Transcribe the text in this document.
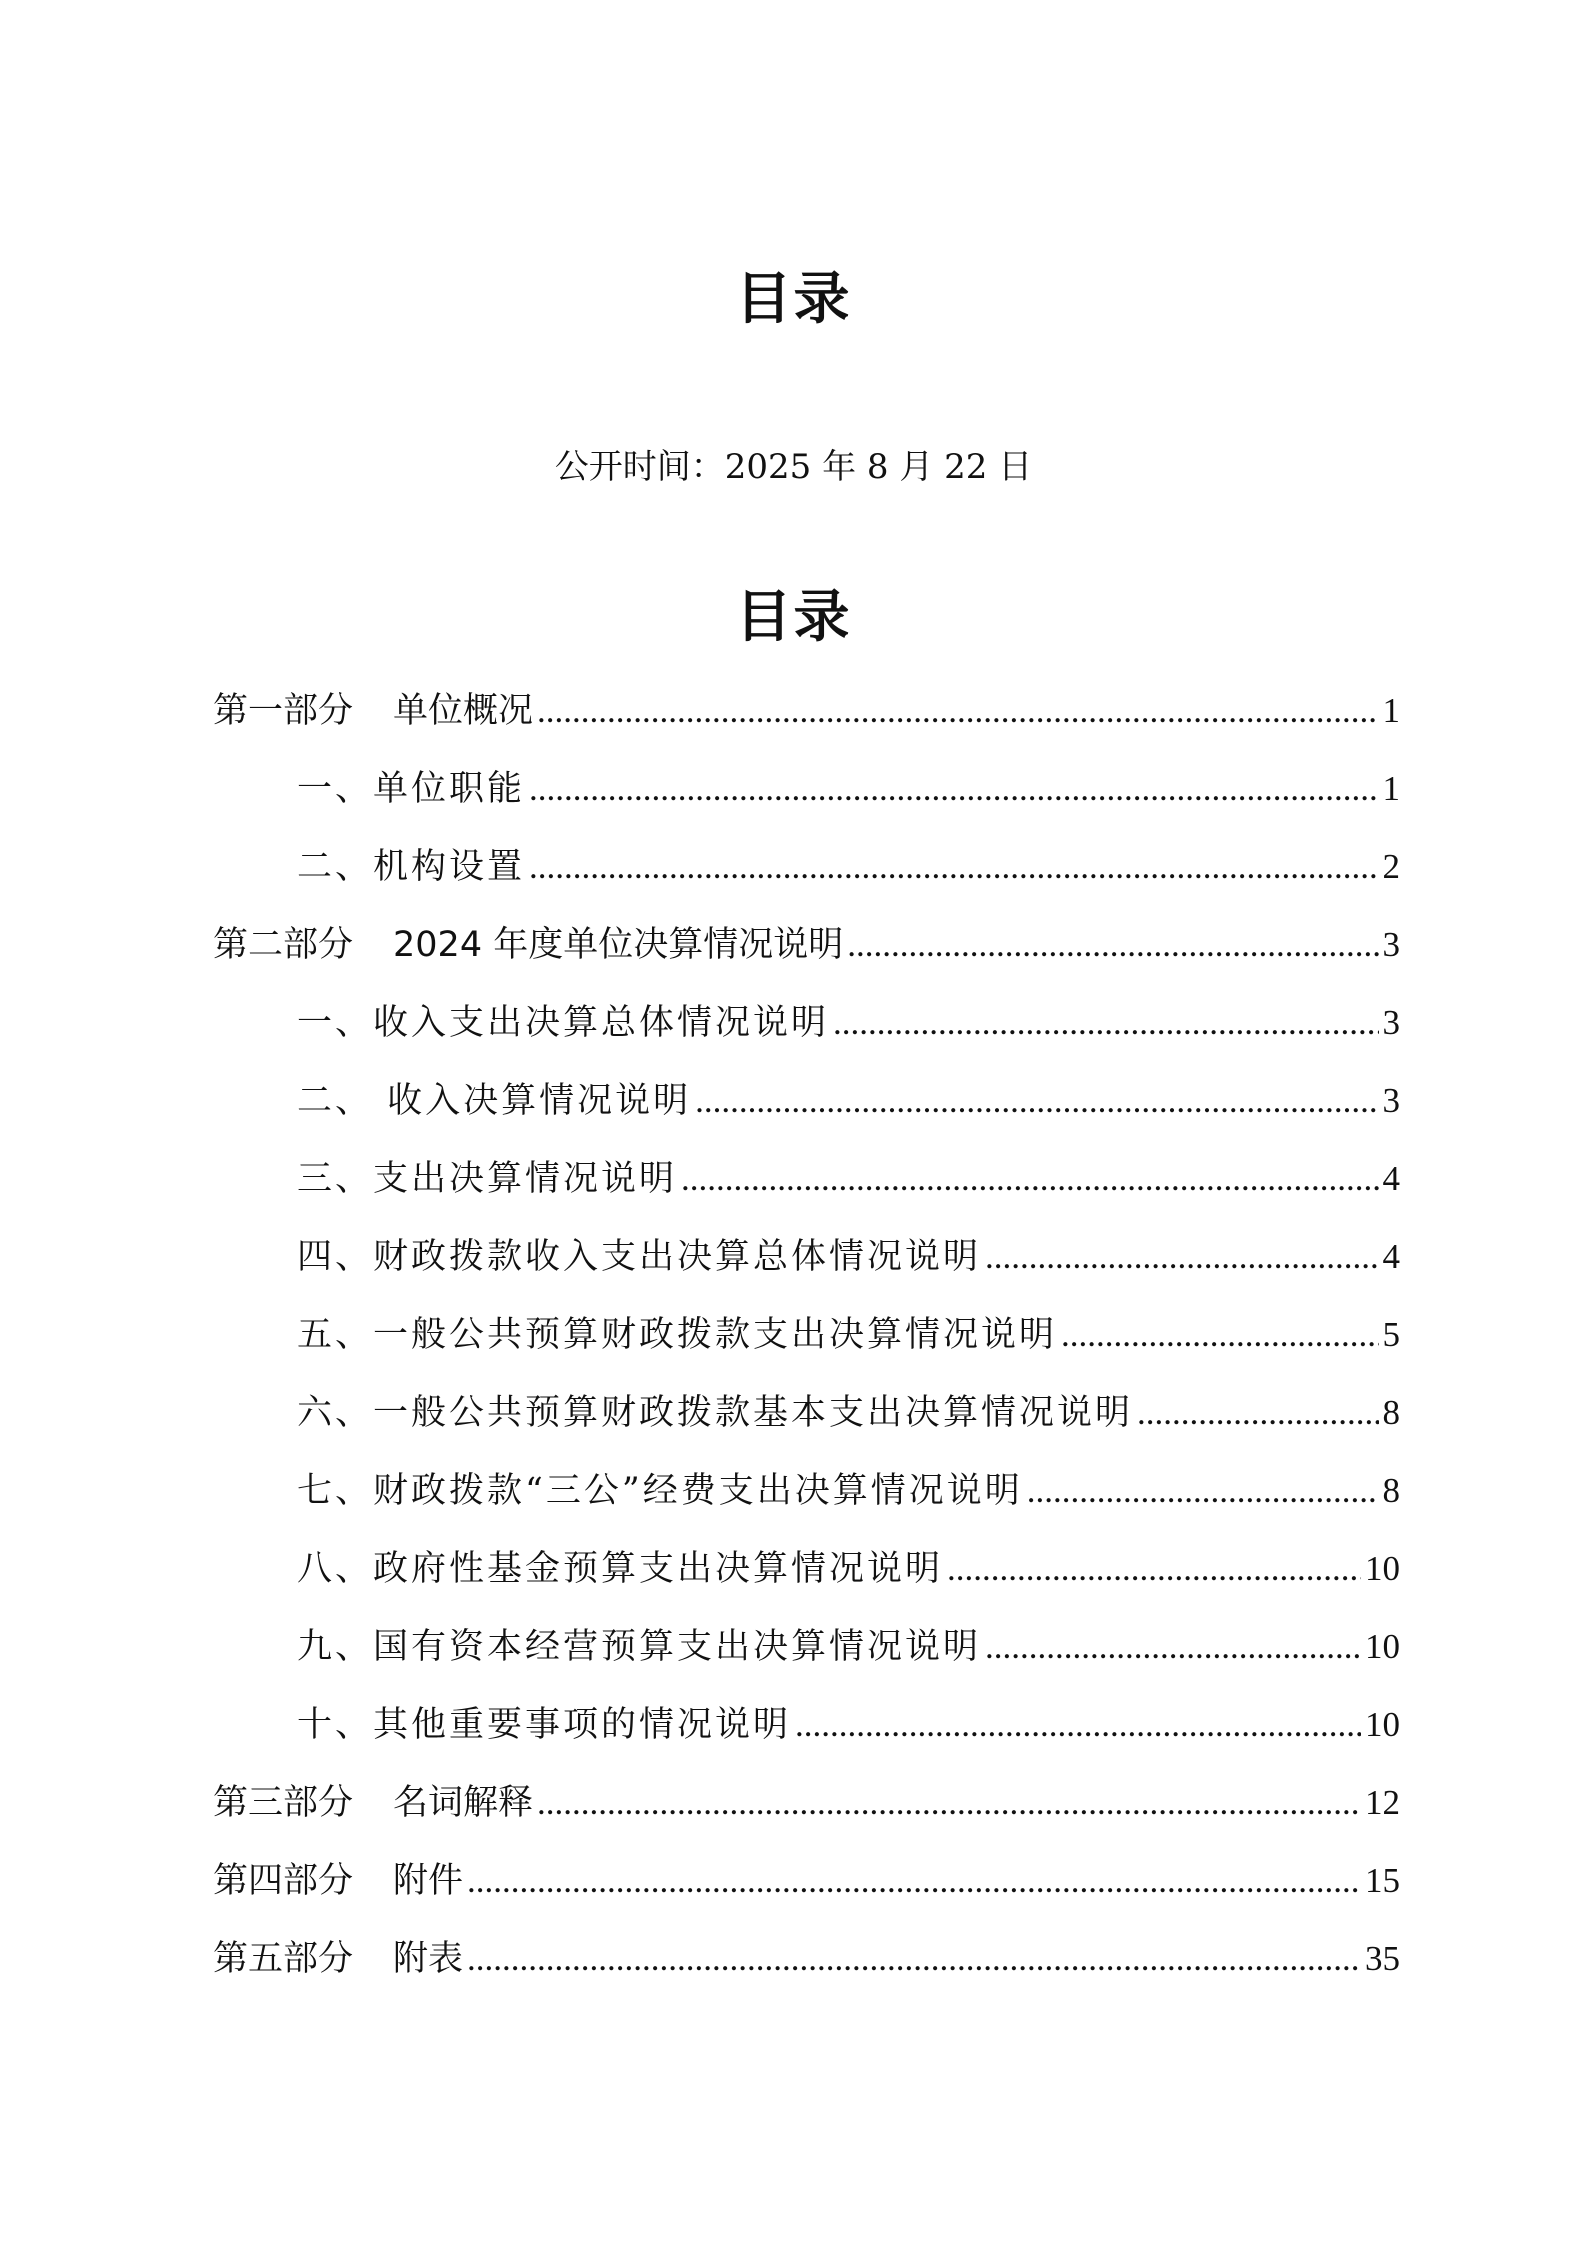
目录
公开时间：2025 年 8 月 22 日
目录
第一部分 单位概况 .....	1
一、单位职能 .....	1
二、机构设置 .....	2
第二部分 2024 年度单位决算情况说明 .....	3
一、收入支出决算总体情况说明 .....	3
二、 收入决算情况说明 .....	3
三、支出决算情况说明 .....	4
四、财政拨款收入支出决算总体情况说明 .....	4
五、一般公共预算财政拨款支出决算情况说明 .....	5
六、一般公共预算财政拨款基本支出决算情况说明 .....	8
七、财政拨款“三公”经费支出决算情况说明 .....	8
八、政府性基金预算支出决算情况说明 .....	10
九、国有资本经营预算支出决算情况说明 .....	10
十、其他重要事项的情况说明 .....	10
第三部分 名词解释 .....	12
第四部分 附件 .....	15
第五部分 附表 .....	35
